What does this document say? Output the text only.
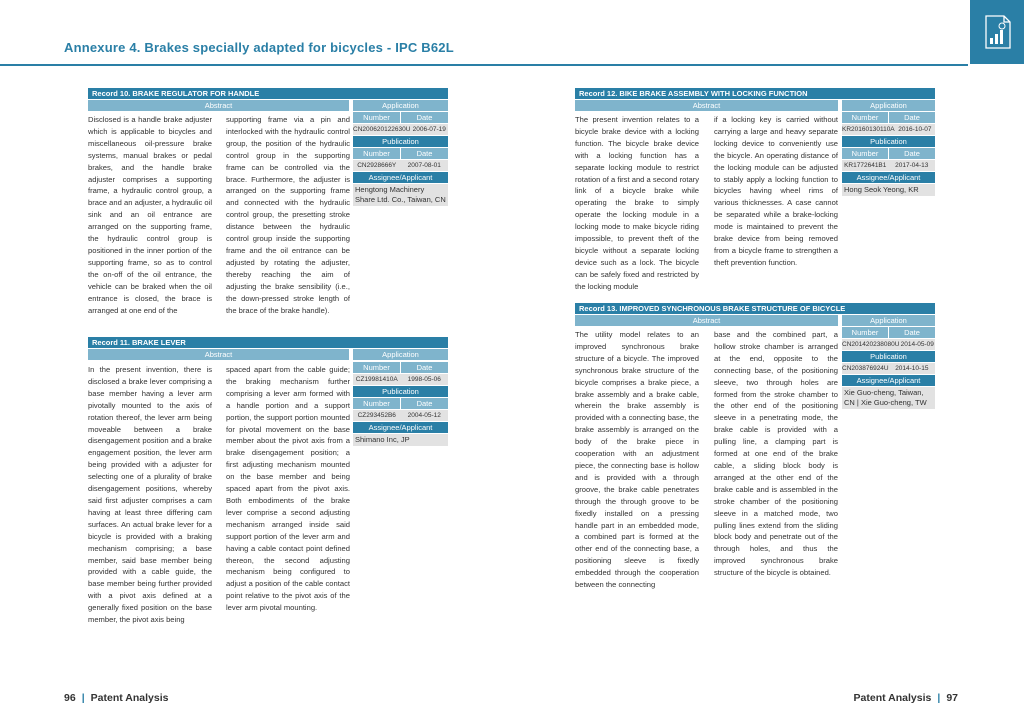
Annexure 4. Brakes specially adapted for bicycles - IPC B62L
Record 10. BRAKE REGULATOR FOR HANDLE
Abstract	Application
Disclosed is a handle brake adjuster which is applicable to bicycles and miscellaneous oil-pressure brake systems, manual brakes or pedal brakes, and the handle brake adjuster comprises a supporting frame, a hydraulic control group, a brace and an adjuster, a hydraulic oil sink and an oil entrance are arranged on the supporting frame, the hydraulic control group is positioned in the inner portion of the supporting frame, so as to control the on-off of the oil entrance, the vehicle can be braked when the oil entrance is closed, the brace is arranged at one end of the
supporting frame via a pin and interlocked with the hydraulic control group, the position of the hydraulic control group in the supporting frame can be controlled via the brace. Furthermore, the adjuster is arranged on the supporting frame and connected with the hydraulic control group, the presetting stroke distance between the hydraulic control group inside the supporting frame and the oil entrance can be adjusted by rotating the adjuster, thereby reaching the aim of adjusting the brake sensibility (i.e., the down-pressed stroke length of the brace of the brake handle).
Number	Date
CN200620122630U 2006-07-19
Publication
Number	Date
CN2928666Y	2007-08-01
Assignee/Applicant
Hengtong Machinery Share Ltd. Co., Taiwan, CN
Record 11. BRAKE LEVER
Abstract	Application
In the present invention, there is disclosed a brake lever comprising a base member having a lever arm pivotally mounted to the axis of rotation thereof, the lever arm being moveable between a brake disengagement position and a brake engagement position, the lever arm being provided with a adjuster for selecting one of a plurality of brake disengagement positions, whereby said first adjuster comprises a cam having at least three differing cam surfaces. An actual brake lever for a bicycle is provided with a braking mechanism comprising; a base member, said base member being provided with a cable guide, the base member being further provided with a pivot axis defined at a generally fixed position on the base member, the pivot axis being
spaced apart from the cable guide; the braking mechanism further comprising a lever arm formed with a handle portion and a support portion, the support portion mounted for pivotal movement on the base member about the pivot axis from a brake disengagement position; a first adjusting mechanism mounted on the base member and being spaced apart from the pivot axis. Both embodiments of the brake lever comprise a second adjusting mechanism arranged inside said support portion of the lever arm and having a cable contact point defined thereon, the second adjusting mechanism being configured to adjust a position of the cable contact point relative to the pivot axis of the lever arm pivotal mounting.
Number	Date
CZ19981410A	1998-05-06
Publication
Number	Date
CZ293452B6	2004-05-12
Assignee/Applicant
Shimano Inc, JP
Record 12. BIKE BRAKE ASSEMBLY WITH LOCKING FUNCTION
Abstract	Application
The present invention relates to a bicycle brake device with a locking function. The bicycle brake device with a locking function has a separate locking module to restrict rotation of a first and a second rotary link of a bicycle brake while operating the brake to simply operate the locking module in a locking mode to make bicycle riding impossible, to prevent theft of the bicycle without a separate locking device such as a lock. The bicycle can be safely fixed and restricted by the locking module
if a locking key is carried without carrying a large and heavy separate locking device to conveniently use the bicycle. An operating distance of the locking module can be adjusted to stably apply a locking function to bicycles having wheel rims of various thicknesses. A case cannot be separated while a brake-locking mode is maintained to prevent the brake device from being removed from a bicycle frame to strengthen a theft prevention function.
Number	Date
KR20160130110A 2016-10-07
Publication
Number	Date
KR1772641B1	2017-04-13
Assignee/Applicant
Hong Seok Yeong, KR
Record 13. IMPROVED SYNCHRONOUS BRAKE STRUCTURE OF BICYCLE
Abstract	Application
The utility model relates to an improved synchronous brake structure of a bicycle. The improved synchronous brake structure of the bicycle comprises a brake piece, a brake assembly and a brake cable, wherein the brake assembly is provided with a connecting base, the brake assembly is arranged on the body of the brake piece in cooperation with an adjustment piece, the connecting base is hollow and is provided with a through groove, the brake cable penetrates through the through groove to be fixedly installed on a pressing handle part in an embedded mode, a combined part is formed at the other end of the connecting base, a positioning sleeve is fixedly embedded through the cooperation between the connecting
base and the combined part, a hollow stroke chamber is arranged at the end, opposite to the connecting base, of the positioning sleeve, two through holes are formed from the stroke chamber to the other end of the positioning sleeve in a penetrating mode, the brake cable is provided with a pulling line, a clamping part is formed at one end of the brake cable, a sliding block body is arranged at the other end of the brake cable and is assembled in the stroke chamber of the positioning sleeve in a matched mode, two pulling lines extend from the sliding block body and penetrate out of the through holes, and thus the improved synchronous brake structure of the bicycle is obtained.
Number	Date
CN201420238080U 2014-05-09
Publication
CN203876924U	2014-10-15
Assignee/Applicant
Xie Guo-cheng, Taiwan, CN | Xie Guo-cheng, TW
96 | Patent Analysis	Patent Analysis | 97
